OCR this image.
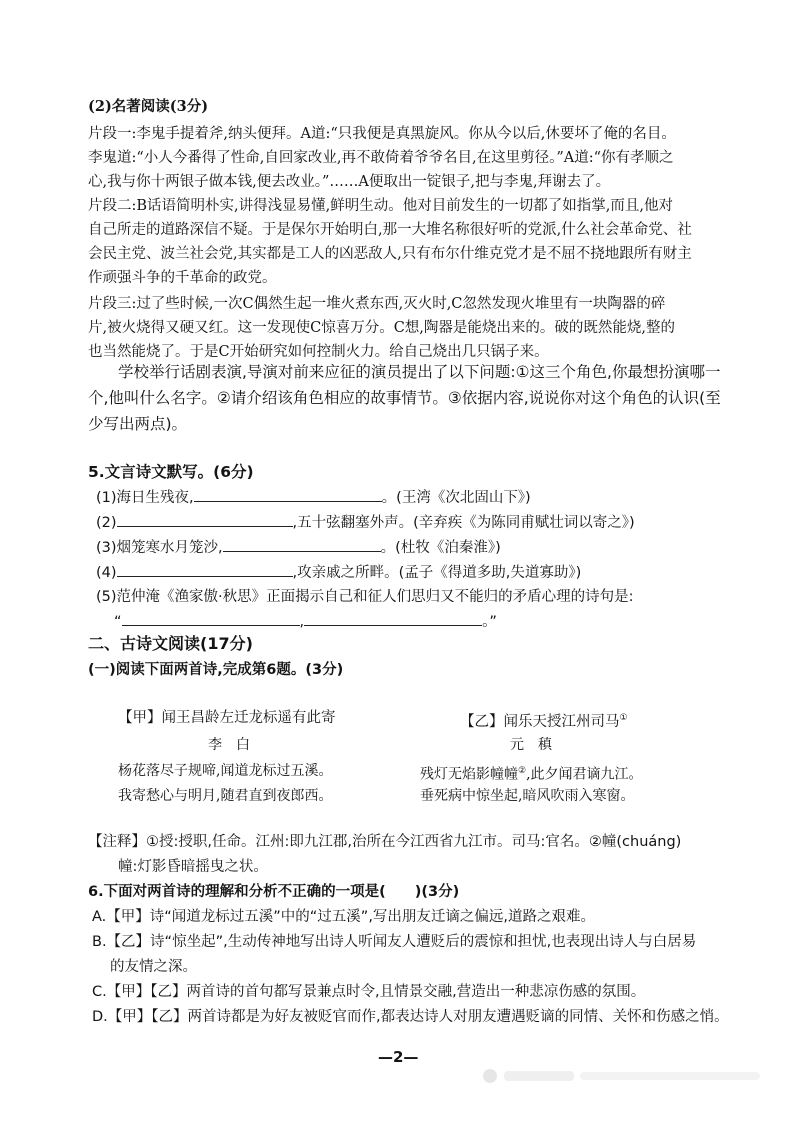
(2)名著阅读(3分)
片段一:李鬼手提着斧,纳头便拜。A道:“只我便是真黑旋风。你从今以后,休要坏了俺的名目。
李鬼道:“小人今番得了性命,自回家改业,再不敢倚着爷爷名目,在这里剪径。”A道:“你有孝顺之
心,我与你十两银子做本钱,便去改业。”……A便取出一锭银子,把与李鬼,拜谢去了。
片段二:B话语简明朴实,讲得浅显易懂,鲜明生动。他对目前发生的一切都了如指掌,而且,他对
自己所走的道路深信不疑。于是保尔开始明白,那一大堆名称很好听的党派,什么社会革命党、社
会民主党、波兰社会党,其实都是工人的凶恶敌人,只有布尔什维克党才是不屈不挠地跟所有财主
作顽强斗争的千革命的政党。
片段三:过了些时候,一次C偶然生起一堆火煮东西,灭火时,C忽然发现火堆里有一块陶器的碎
片,被火烧得又硬又红。这一发现使C惊喜万分。C想,陶器是能烧出来的。破的既然能烧,整的
也当然能烧了。于是C开始研究如何控制火力。给自己烧出几只锅子来。
学校举行话剧表演,导演对前来应征的演员提出了以下问题:①这三个角色,你最想扮演哪一
个,他叫什么名字。②请介绍该角色相应的故事情节。③依据内容,说说你对这个角色的认识(至
少写出两点)。
5.文言诗文默写。(6分)
(1)海日生残夜,	。(王湾《次北固山下》)
(2)	,五十弦翻塞外声。(辛弃疾《为陈同甫赋壮词以寄之》)
(3)烟笼寒水月笼沙,	。(杜牧《泊秦淮》)
(4)	,攻亲戚之所畔。(孟子《得道多助,失道寡助》)
(5)范仲淹《渔家傲·秋思》正面揭示自己和征人们思归又不能归的矛盾心理的诗句是:
“	,	。”
二、古诗文阅读(17分)
(一)阅读下面两首诗,完成第6题。(3分)
【甲】闻王昌龄左迁龙标遥有此寄
李　白
杨花落尽子规啼,闻道龙标过五溪。
我寄愁心与明月,随君直到夜郎西。
【乙】闻乐天授江州司马①
元　稹
残灯无焰影幢幢②,此夕闻君谪九江。
垂死病中惊坐起,暗风吹雨入寒窗。
【注释】①授:授职,任命。江州:即九江郡,治所在今江西省九江市。司马:官名。②幢(chuáng)
幢:灯影昏暗摇曳之状。
6.下面对两首诗的理解和分析不正确的一项是(　　)(3分)
A.【甲】诗“闻道龙标过五溪”中的“过五溪”,写出朋友迁谪之偏远,道路之艰难。
B.【乙】诗“惊坐起”,生动传神地写出诗人听闻友人遭贬后的震惊和担忧,也表现出诗人与白居易
的友情之深。
C.【甲】【乙】两首诗的首句都写景兼点时令,且情景交融,营造出一种悲凉伤感的氛围。
D.【甲】【乙】两首诗都是为好友被贬官而作,都表达诗人对朋友遭遇贬谪的同情、关怀和伤感之悄。
—2—
